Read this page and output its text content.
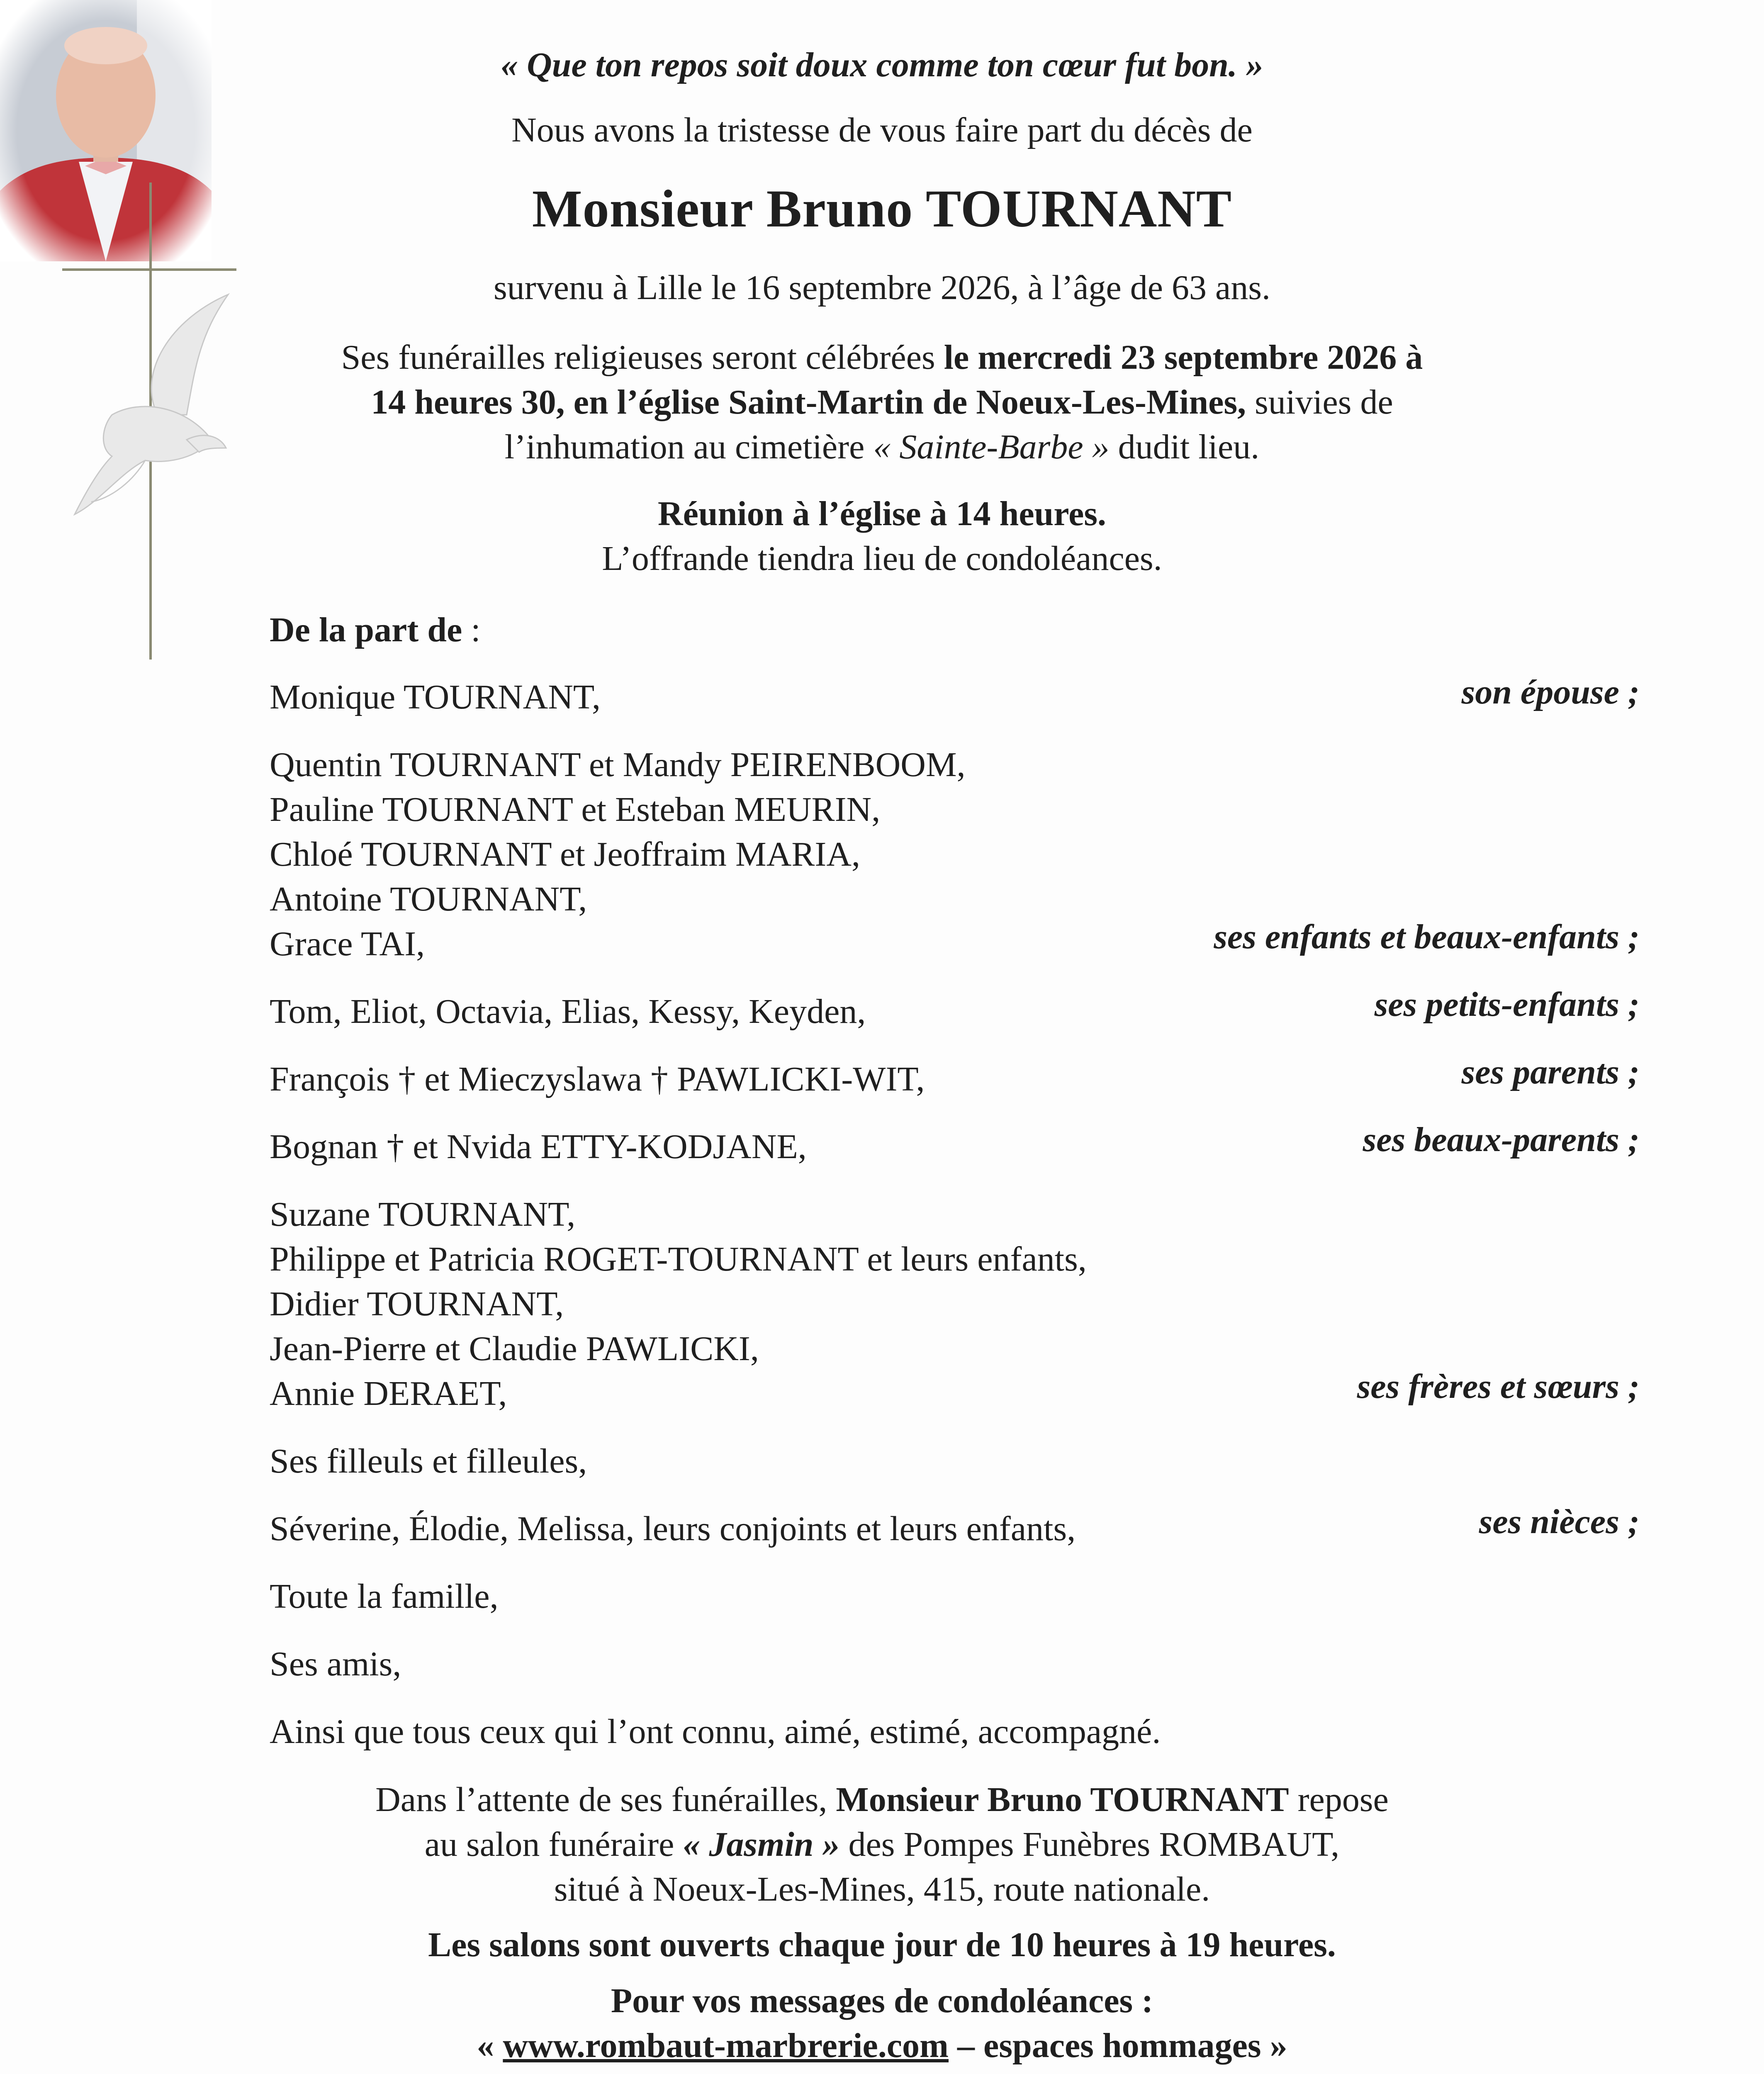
« Que ton repos soit doux comme ton cœur fut bon. »
Nous avons la tristesse de vous faire part du décès de
Monsieur Bruno TOURNANT
survenu à Lille le 16 septembre 2026, à l’âge de 63 ans.
Ses funérailles religieuses seront célébrées le mercredi 23 septembre 2026 à
14 heures 30, en l’église Saint-Martin de Noeux-Les-Mines, suivies de
l’inhumation au cimetière « Sainte-Barbe » dudit lieu.
Réunion à l’église à 14 heures.
L’offrande tiendra lieu de condoléances.
De la part de :
Monique TOURNANT,	son épouse ;
Quentin TOURNANT et Mandy PEIRENBOOM,
Pauline TOURNANT et Esteban MEURIN,
Chloé TOURNANT et Jeoffraim MARIA,
Antoine TOURNANT,
Grace TAI,	ses enfants et beaux-enfants ;
Tom, Eliot, Octavia, Elias, Kessy, Keyden,	ses petits-enfants ;
François † et Mieczyslawa † PAWLICKI-WIT,	ses parents ;
Bognan † et Nvida ETTY-KODJANE,	ses beaux-parents ;
Suzane TOURNANT,
Philippe et Patricia ROGET-TOURNANT et leurs enfants,
Didier TOURNANT,
Jean-Pierre et Claudie PAWLICKI,
Annie DERAET,	ses frères et sœurs ;
Ses filleuls et filleules,
Séverine, Élodie, Melissa, leurs conjoints et leurs enfants,	ses nièces ;
Toute la famille,
Ses amis,
Ainsi que tous ceux qui l’ont connu, aimé, estimé, accompagné.
Dans l’attente de ses funérailles, Monsieur Bruno TOURNANT repose
au salon funéraire « Jasmin » des Pompes Funèbres ROMBAUT,
situé à Noeux-Les-Mines, 415, route nationale.
Les salons sont ouverts chaque jour de 10 heures à 19 heures.
Pour vos messages de condoléances :
« www.rombaut-marbrerie.com – espaces hommages »
